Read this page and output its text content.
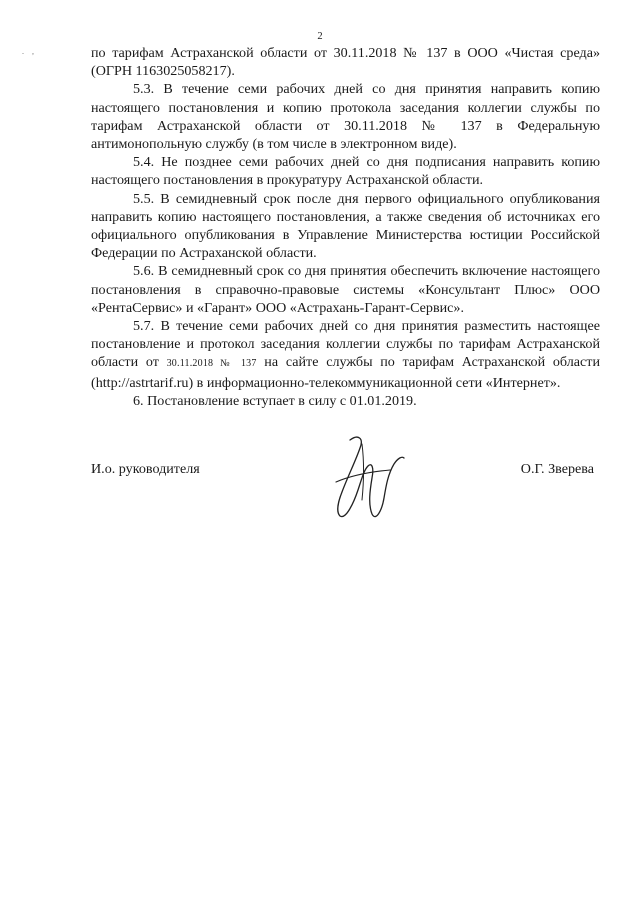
. ,
2

по тарифам Астраханской области от 30.11.2018 № 137 в ООО «Чистая среда» (ОГРН 1163025058217).

5.3. В течение семи рабочих дней со дня принятия направить копию настоящего постановления и копию протокола заседания коллегии службы по тарифам Астраханской области от 30.11.2018 № 137 в Федеральную антимонопольную службу (в том числе в электронном виде).

5.4. Не позднее семи рабочих дней со дня подписания направить копию настоящего постановления в прокуратуру Астраханской области.

5.5. В семидневный срок после дня первого официального опубликования направить копию настоящего постановления, а также сведения об источниках его официального опубликования в Управление Министерства юстиции Российской Федерации по Астраханской области.

5.6. В семидневный срок со дня принятия обеспечить включение настоящего постановления в справочно-правовые системы «Консультант Плюс» ООО «РентаСервис» и «Гарант» ООО «Астрахань-Гарант-Сервис».

5.7. В течение семи рабочих дней со дня принятия разместить настоящее постановление и протокол заседания коллегии службы по тарифам Астраханской области от 30.11.2018 № 137 на сайте службы по тарифам Астраханской области (http://astrtarif.ru) в информационно-телекоммуникационной сети «Интернет».

6. Постановление вступает в силу с 01.01.2019.

И.о. руководителя	О.Г. Зверева
